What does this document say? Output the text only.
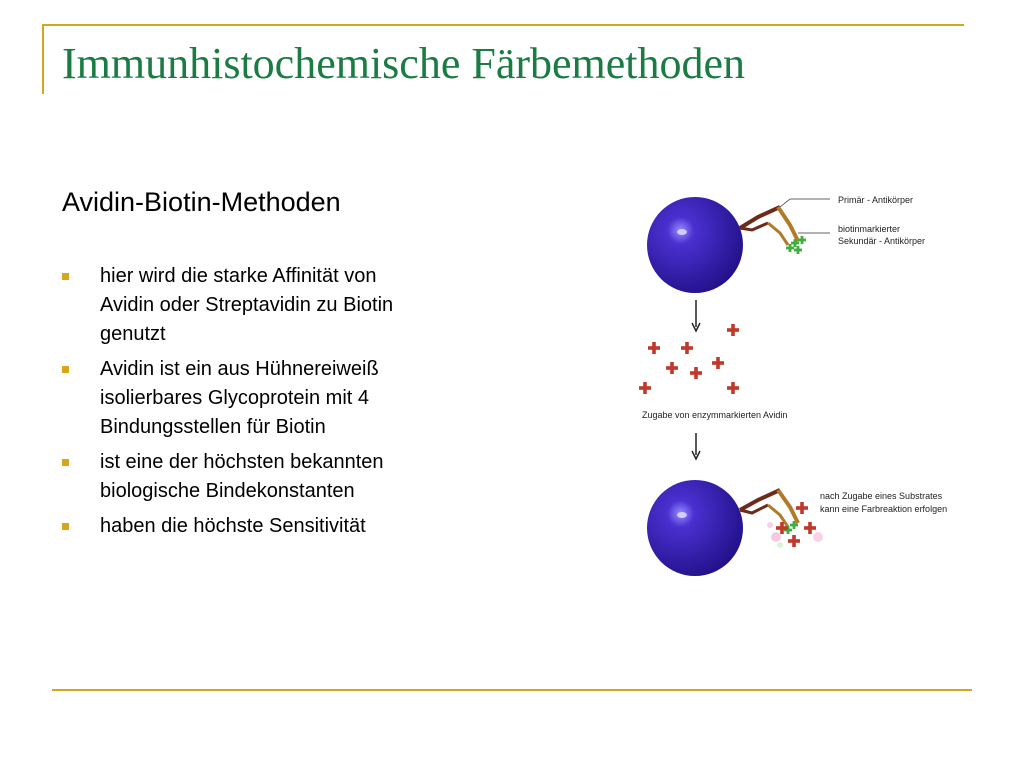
Immunhistochemische Färbemethoden
Avidin-Biotin-Methoden
hier wird die starke Affinität von
Avidin oder Streptavidin zu Biotin
genutzt
Avidin ist ein aus Hühnereiweiß
isolierbares Glycoprotein mit 4
Bindungsstellen für Biotin
ist eine der höchsten bekannten
biologische Bindekonstanten
haben die höchste Sensitivität
Primär - Antikörper
biotinmarkierter
Sekundär - Antikörper
Zugabe von enzymmarkierten Avidin
nach Zugabe eines Substrates
kann eine Farbreaktion erfolgen
